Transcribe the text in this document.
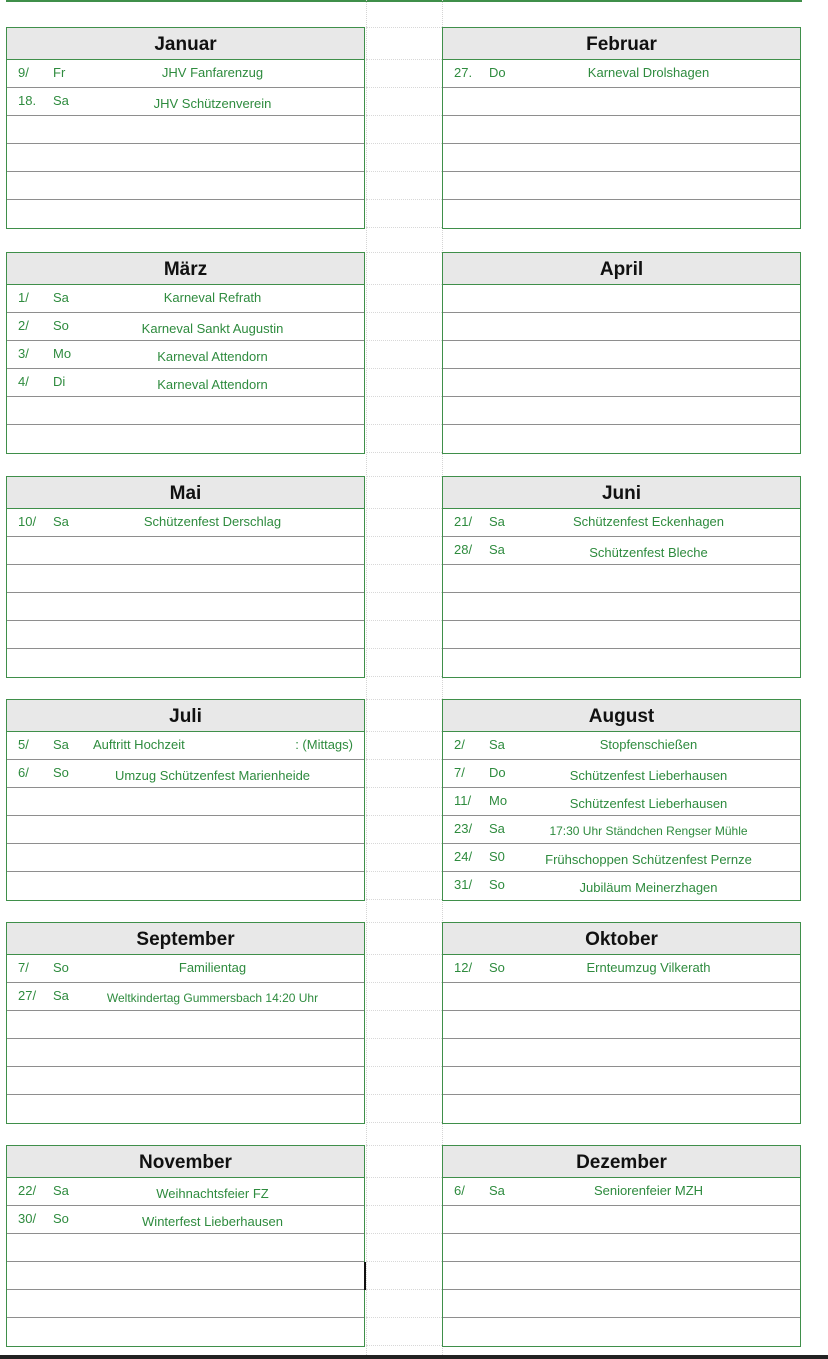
Januar
9/ Fr	JHV Fanfarenzug
18. Sa	JHV Schützenverein
Februar
27. Do	Karneval Drolshagen
März
1/ Sa	Karneval Refrath
2/ So	Karneval Sankt Augustin
3/ Mo	Karneval Attendorn
4/ Di	Karneval Attendorn
April
Mai
10/ Sa	Schützenfest Derschlag
Juni
21/ Sa	Schützenfest Eckenhagen
28/ Sa	Schützenfest Bleche
Juli
5/ Sa Auftritt Hochzeit	: (Mittags)
6/ So	Umzug Schützenfest Marienheide
August
2/ Sa	Stopfenschießen
7/ Do	Schützenfest Lieberhausen
11/ Mo	Schützenfest Lieberhausen
23/ Sa	17:30 Uhr Ständchen Rengser Mühle
24/ S0	Frühschoppen Schützenfest Pernze
31/ So	Jubiläum Meinerzhagen
September
7/ So	Familientag
27/ Sa	Weltkindertag Gummersbach 14:20 Uhr
Oktober
12/ So	Ernteumzug Vilkerath
November
22/ Sa	Weihnachtsfeier FZ
30/ So	Winterfest Lieberhausen
Dezember
6/ Sa	Seniorenfeier MZH
